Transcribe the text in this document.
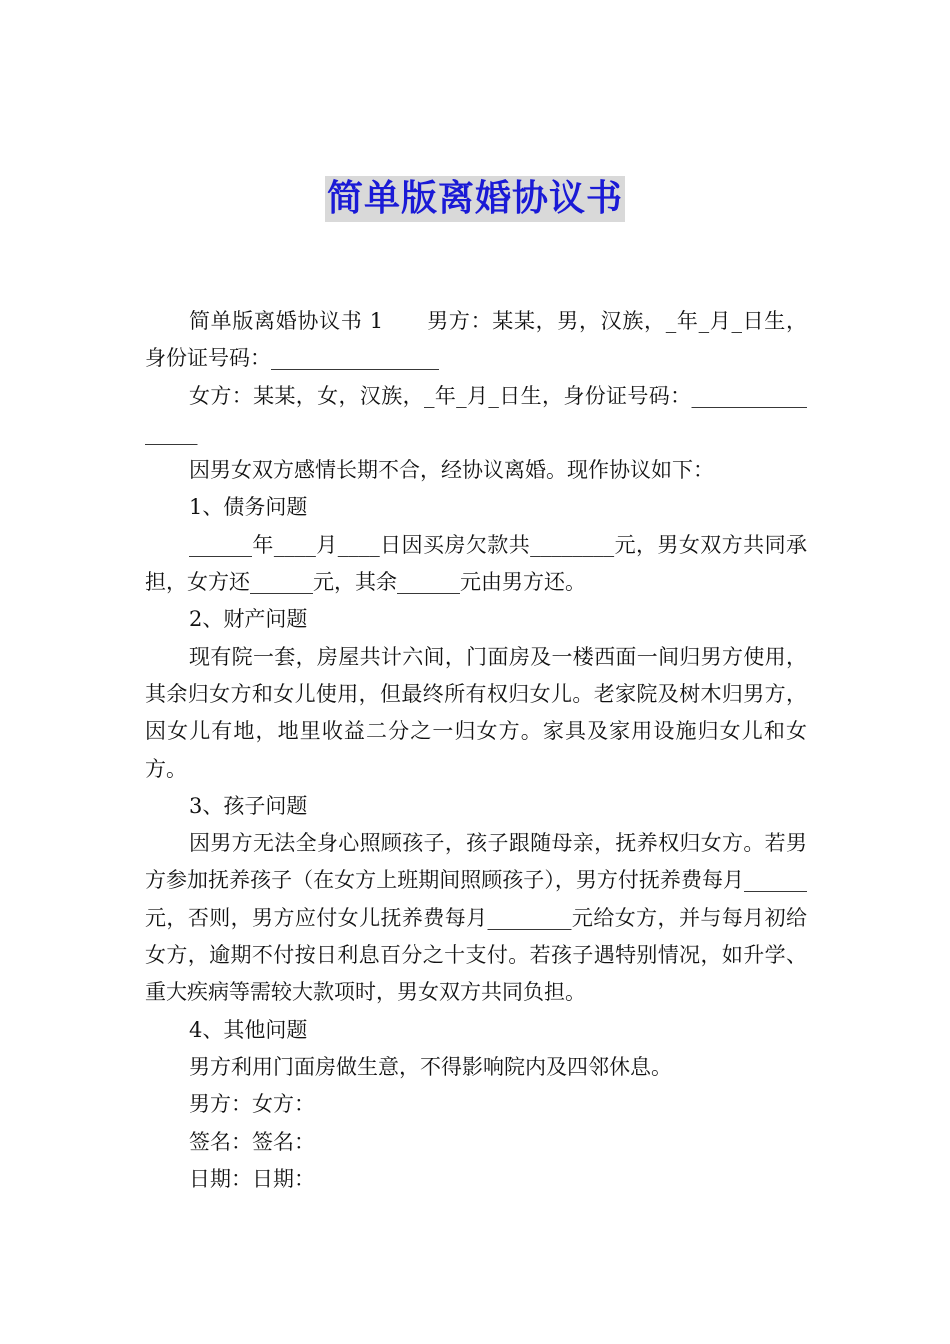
简单版离婚协议书

简单版离婚协议书 1　　男方：某某，男，汉族，_年_月_日生，身份证号码：________________

女方：某某，女，汉族，_年_月_日生，身份证号码：________________

因男女双方感情长期不合，经协议离婚。现作协议如下：

1、债务问题

______年____月____日因买房欠款共________元，男女双方共同承担，女方还______元，其余______元由男方还。

2、财产问题

现有院一套，房屋共计六间，门面房及一楼西面一间归男方使用，其余归女方和女儿使用，但最终所有权归女儿。老家院及树木归男方，因女儿有地，地里收益二分之一归女方。家具及家用设施归女儿和女方。

3、孩子问题

因男方无法全身心照顾孩子，孩子跟随母亲，抚养权归女方。若男方参加抚养孩子（在女方上班期间照顾孩子），男方付抚养费每月______元，否则，男方应付女儿抚养费每月________元给女方，并与每月初给女方，逾期不付按日利息百分之十支付。若孩子遇特别情况，如升学、重大疾病等需较大款项时，男女双方共同负担。

4、其他问题

男方利用门面房做生意，不得影响院内及四邻休息。

男方：女方：

签名：签名：

日期：日期：
